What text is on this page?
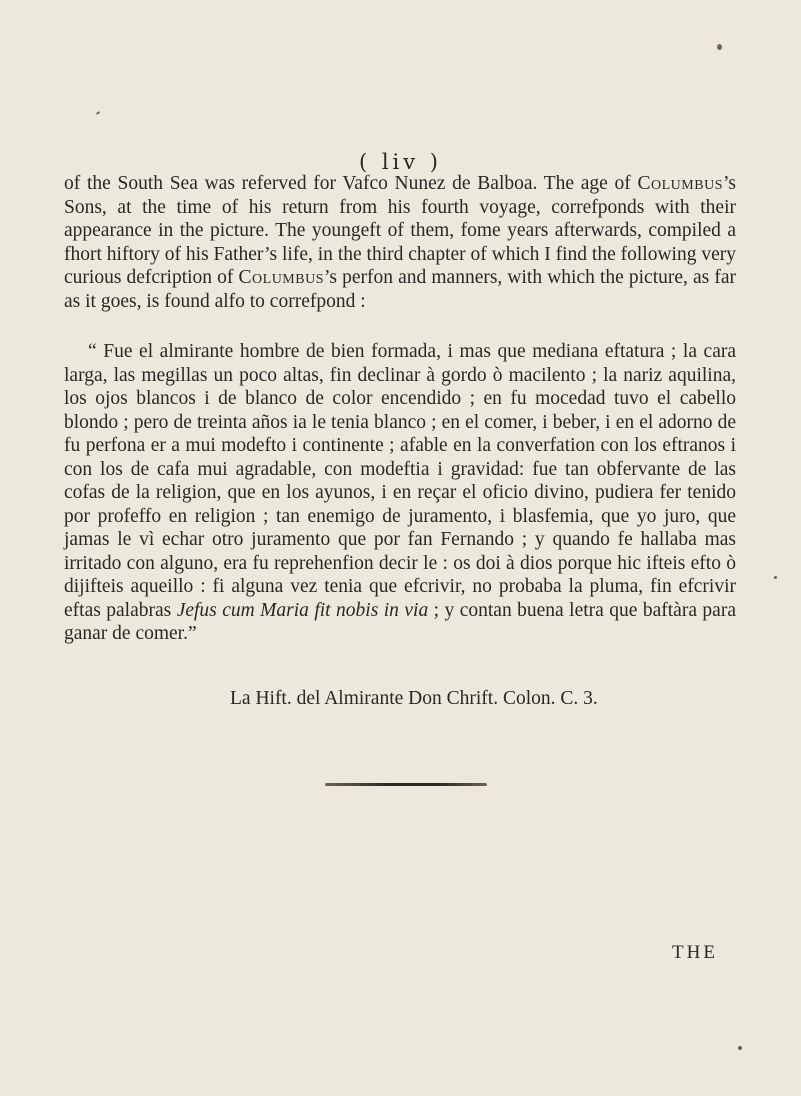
( liv )

of the South Sea was referved for Vafco Nunez de Balboa. The age of Columbus’s Sons, at the time of his return from his fourth voyage, correfponds with their appearance in the picture. The youngeft of them, fome years afterwards, compiled a fhort hiftory of his Father’s life, in the third chapter of which I find the following very curious defcription of Columbus’s perfon and manners, with which the picture, as far as it goes, is found alfo to correfpond :

“ Fue el almirante hombre de bien formada, i mas que mediana eftatura ; la cara larga, las megillas un poco altas, fin declinar à gordo ò macilento ; la nariz aquilina, los ojos blancos i de blanco de color encendido ; en fu mocedad tuvo el cabello blondo ; pero de treinta años ia le tenia blanco ; en el comer, i beber, i en el adorno de fu perfona er a mui modefto i continente ; afable en la converfation con los eftranos i con los de cafa mui agradable, con modeftia i gravidad: fue tan obfervante de las cofas de la religion, que en los ayunos, i en reçar el oficio divino, pudiera fer tenido por profeffo en religion ; tan enemigo de juramento, i blasfemia, que yo juro, que jamas le vì echar otro juramento que por fan Fernando ; y quando fe hallaba mas irritado con alguno, era fu reprehenfion decir le : os doi à dios porque hic ifteis efto ò dijifteis aqueillo : fi alguna vez tenia que efcrivir, no probaba la pluma, fin efcrivir eftas palabras Jefus cum Maria fit nobis in via ; y contan buena letra que baftàra para ganar de comer.”

La Hift. del Almirante Don Chrift. Colon. C. 3.
THE
